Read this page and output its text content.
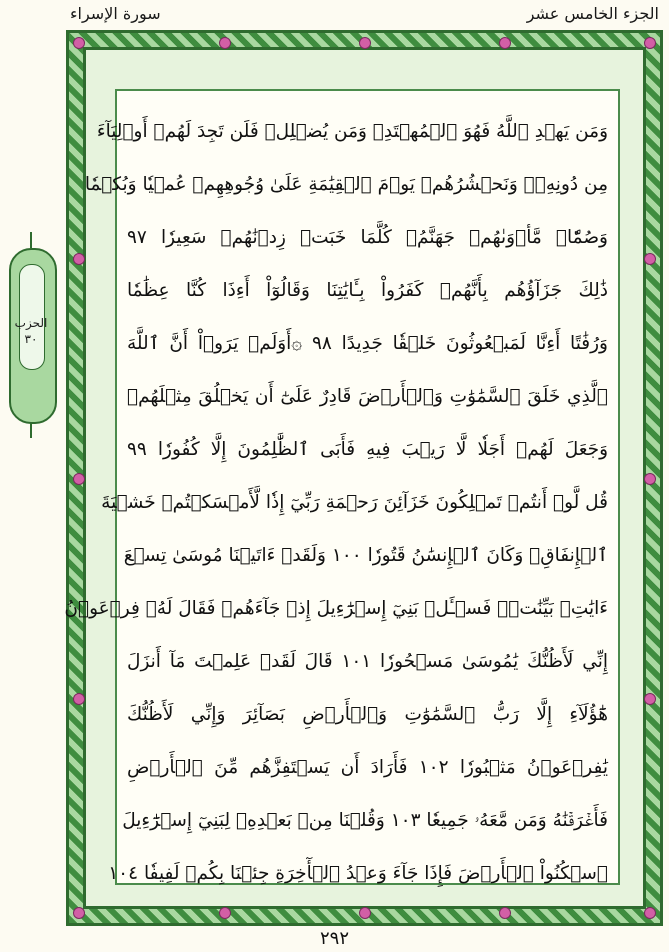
الجزء الخامس عشر
سورة الإسراء
الحزب
٣٠
وَمَن يَهۡدِ ٱللَّهُ فَهُوَ ٱلۡمُهۡتَدِۖ وَمَن يُضۡلِلۡ فَلَن تَجِدَ لَهُمۡ أَوۡلِيَآءَ
مِن دُونِهِۦۖ وَنَحۡشُرُهُمۡ يَوۡمَ ٱلۡقِيَٰمَةِ عَلَىٰ وُجُوهِهِمۡ عُمۡيٗا وَبُكۡمٗا
وَصُمّٗاۖ مَّأۡوَىٰهُمۡ جَهَنَّمُۖ كُلَّمَا خَبَتۡ زِدۡنَٰهُمۡ سَعِيرٗا ٩٧
ذَٰلِكَ جَزَآؤُهُم بِأَنَّهُمۡ كَفَرُواْ بِـَٔايَٰتِنَا وَقَالُوٓاْ أَءِذَا كُنَّا عِظَٰمٗا
وَرُفَٰتًا أَءِنَّا لَمَبۡعُوثُونَ خَلۡقٗا جَدِيدًا ٩٨ ۞أَوَلَمۡ يَرَوۡاْ أَنَّ ٱللَّهَ
ٱلَّذِي خَلَقَ ٱلسَّمَٰوَٰتِ وَٱلۡأَرۡضَ قَادِرٌ عَلَىٰٓ أَن يَخۡلُقَ مِثۡلَهُمۡ
وَجَعَلَ لَهُمۡ أَجَلٗا لَّا رَيۡبَ فِيهِ فَأَبَى ٱلظَّٰلِمُونَ إِلَّا كُفُورٗا ٩٩
قُل لَّوۡ أَنتُمۡ تَمۡلِكُونَ خَزَآئِنَ رَحۡمَةِ رَبِّيٓ إِذٗا لَّأَمۡسَكۡتُمۡ خَشۡيَةَ
ٱلۡإِنفَاقِۚ وَكَانَ ٱلۡإِنسَٰنُ قَتُورٗا ١٠٠ وَلَقَدۡ ءَاتَيۡنَا مُوسَىٰ تِسۡعَ
ءَايَٰتِۭ بَيِّنَٰتٖۖ فَسۡـَٔلۡ بَنِيٓ إِسۡرَٰٓءِيلَ إِذۡ جَآءَهُمۡ فَقَالَ لَهُۥ فِرۡعَوۡنُ
إِنِّي لَأَظُنُّكَ يَٰمُوسَىٰ مَسۡحُورٗا ١٠١ قَالَ لَقَدۡ عَلِمۡتَ مَآ أَنزَلَ
هَٰٓؤُلَآءِ إِلَّا رَبُّ ٱلسَّمَٰوَٰتِ وَٱلۡأَرۡضِ بَصَآئِرَ وَإِنِّي لَأَظُنُّكَ
يَٰفِرۡعَوۡنُ مَثۡبُورٗا ١٠٢ فَأَرَادَ أَن يَسۡتَفِزَّهُم مِّنَ ٱلۡأَرۡضِ
فَأَغۡرَقۡنَٰهُ وَمَن مَّعَهُۥ جَمِيعٗا ١٠٣ وَقُلۡنَا مِنۢ بَعۡدِهِۦ لِبَنِيٓ إِسۡرَٰٓءِيلَ
ٱسۡكُنُواْ ٱلۡأَرۡضَ فَإِذَا جَآءَ وَعۡدُ ٱلۡأٓخِرَةِ جِئۡنَا بِكُمۡ لَفِيفٗا ١٠٤
٢٩٢
